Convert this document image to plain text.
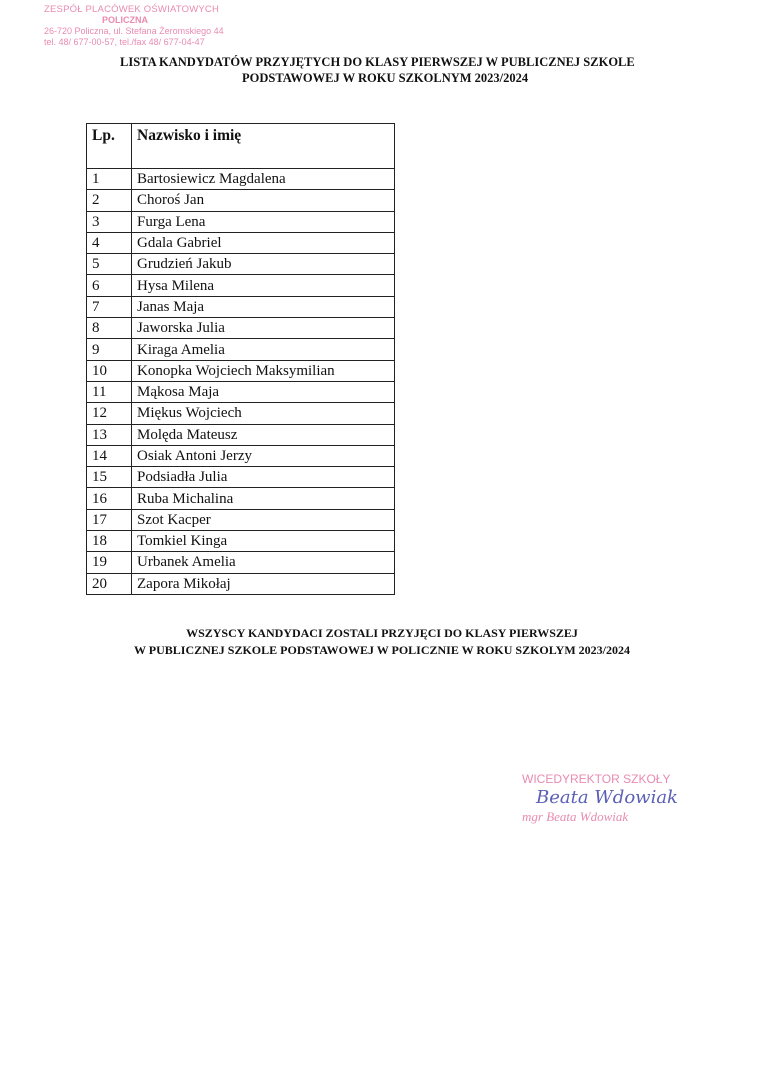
ZESPÓŁ PLACÓWEK OŚWIATOWYCH
POLICZNA
26-720 Policzna, ul. Stefana Żeromskiego 44
tel. 48/ 677-00-57, tel./fax 48/ 677-04-47
LISTA KANDYDATÓW PRZYJĘTYCH DO KLASY PIERWSZEJ W PUBLICZNEJ SZKOLE
PODSTAWOWEJ W ROKU SZKOLNYM 2023/2024
Lp.	Nazwisko i imię
1	Bartosiewicz Magdalena
2	Choroś Jan
3	Furga Lena
4	Gdala Gabriel
5	Grudzień Jakub
6	Hysa Milena
7	Janas Maja
8	Jaworska Julia
9	Kiraga Amelia
10	Konopka Wojciech Maksymilian
11	Mąkosa Maja
12	Miękus Wojciech
13	Molęda Mateusz
14	Osiak Antoni Jerzy
15	Podsiadła Julia
16	Ruba Michalina
17	Szot Kacper
18	Tomkiel Kinga
19	Urbanek Amelia
20	Zapora Mikołaj
WSZYSCY KANDYDACI ZOSTALI PRZYJĘCI DO KLASY PIERWSZEJ
W PUBLICZNEJ SZKOLE PODSTAWOWEJ W POLICZNIE W ROKU SZKOLYM 2023/2024
WICEDYREKTOR SZKOŁY
Beata Wdowiak
mgr Beata Wdowiak
